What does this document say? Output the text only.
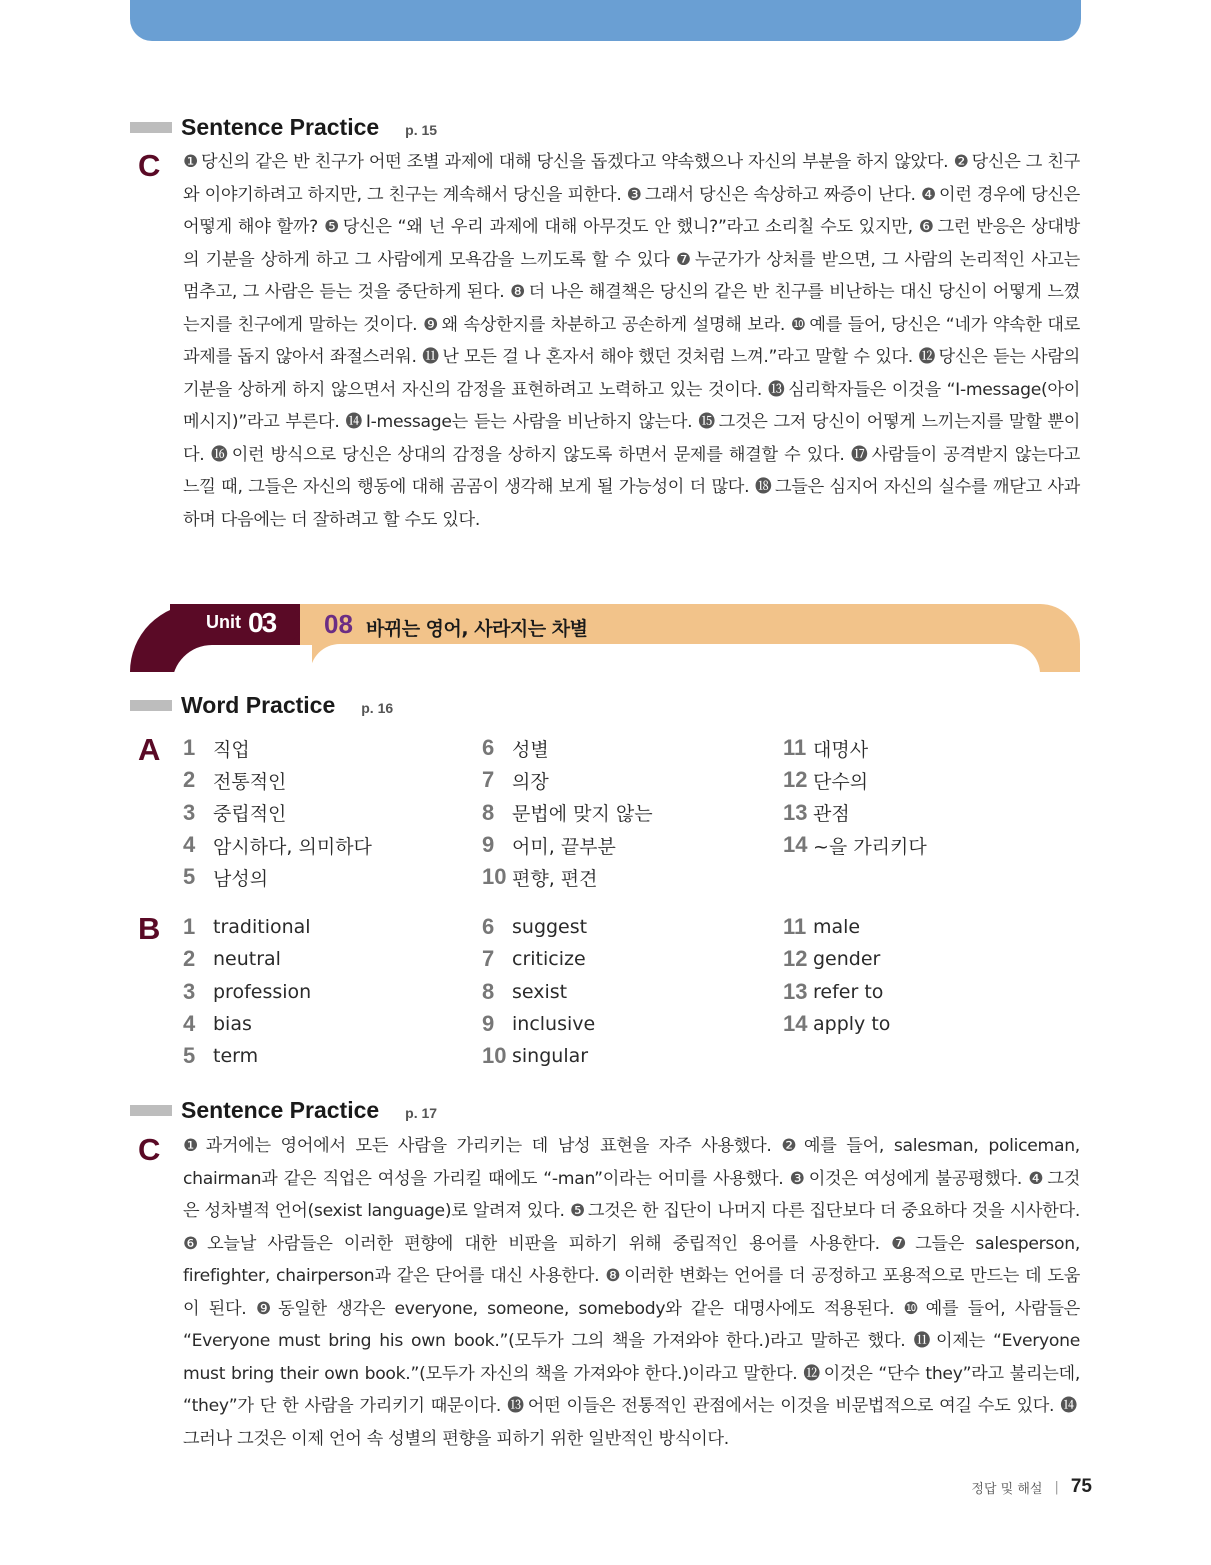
Sentence Practice p. 15
C ❶ 당신의 같은 반 친구가 어떤 조별 과제에 대해 당신을 돕겠다고 약속했으나 자신의 부분을 하지 않았다. ❷ 당신은 그 친구와 이야기하려고 하지만, 그 친구는 계속해서 당신을 피한다. ❸ 그래서 당신은 속상하고 짜증이 난다. ❹ 이런 경우에 당신은 어떻게 해야 할까? ❺ 당신은 “왜 넌 우리 과제에 대해 아무것도 안 했니?”라고 소리칠 수도 있지만, ❻ 그런 반응은 상대방의 기분을 상하게 하고 그 사람에게 모욕감을 느끼도록 할 수 있다 ❼ 누군가가 상처를 받으면, 그 사람의 논리적인 사고는 멈추고, 그 사람은 듣는 것을 중단하게 된다. ❽ 더 나은 해결책은 당신의 같은 반 친구를 비난하는 대신 당신이 어떻게 느꼈는지를 친구에게 말하는 것이다. ❾ 왜 속상한지를 차분하고 공손하게 설명해 보라. ❿ 예를 들어, 당신은 “네가 약속한 대로 과제를 돕지 않아서 좌절스러워. ⓫ 난 모든 걸 나 혼자서 해야 했던 것처럼 느껴.”라고 말할 수 있다. ⓬ 당신은 듣는 사람의 기분을 상하게 하지 않으면서 자신의 감정을 표현하려고 노력하고 있는 것이다. ⓭ 심리학자들은 이것을 “I-message(아이 메시지)”라고 부른다. ⓮ I-message는 듣는 사람을 비난하지 않는다. ⓯ 그것은 그저 당신이 어떻게 느끼는지를 말할 뿐이다. ⓰ 이런 방식으로 당신은 상대의 감정을 상하지 않도록 하면서 문제를 해결할 수 있다. ⓱ 사람들이 공격받지 않는다고 느낄 때, 그들은 자신의 행동에 대해 곰곰이 생각해 보게 될 가능성이 더 많다. ⓲ 그들은 심지어 자신의 실수를 깨닫고 사과하며 다음에는 더 잘하려고 할 수도 있다.
Unit 03 08 바뀌는 영어, 사라지는 차별
Word Practice p. 16
A 1 직업
2 전통적인
3 중립적인
4 암시하다, 의미하다
5 남성의
6 성별
7 의장
8 문법에 맞지 않는
9 어미, 끝부분
10 편향, 편견
11 대명사
12 단수의
13 관점
14 ~을 가리키다
B 1 traditional
2 neutral
3 profession
4 bias
5 term
6 suggest
7 criticize
8 sexist
9 inclusive
10 singular
11 male
12 gender
13 refer to
14 apply to
Sentence Practice p. 17
C ❶ 과거에는 영어에서 모든 사람을 가리키는 데 남성 표현을 자주 사용했다. ❷ 예를 들어, salesman, policeman, chairman과 같은 직업은 여성을 가리킬 때에도 “-man”이라는 어미를 사용했다. ❸ 이것은 여성에게 불공평했다. ❹ 그것은 성차별적 언어(sexist language)로 알려져 있다. ❺ 그것은 한 집단이 나머지 다른 집단보다 더 중요하다 것을 시사한다. ❻ 오늘날 사람들은 이러한 편향에 대한 비판을 피하기 위해 중립적인 용어를 사용한다. ❼ 그들은 salesperson, firefighter, chairperson과 같은 단어를 대신 사용한다. ❽ 이러한 변화는 언어를 더 공정하고 포용적으로 만드는 데 도움이 된다. ❾ 동일한 생각은 everyone, someone, somebody와 같은 대명사에도 적용된다. ❿ 예를 들어, 사람들은 “Everyone must bring his own book.”(모두가 그의 책을 가져와야 한다.)라고 말하곤 했다. ⓫ 이제는 “Everyone must bring their own book.”(모두가 자신의 책을 가져와야 한다.)이라고 말한다. ⓬ 이것은 “단수 they”라고 불리는데, “they”가 단 한 사람을 가리키기 때문이다. ⓭ 어떤 이들은 전통적인 관점에서는 이것을 비문법적으로 여길 수도 있다. ⓮그러나 그것은 이제 언어 속 성별의 편향을 피하기 위한 일반적인 방식이다.
정답 및 해설 | 75
